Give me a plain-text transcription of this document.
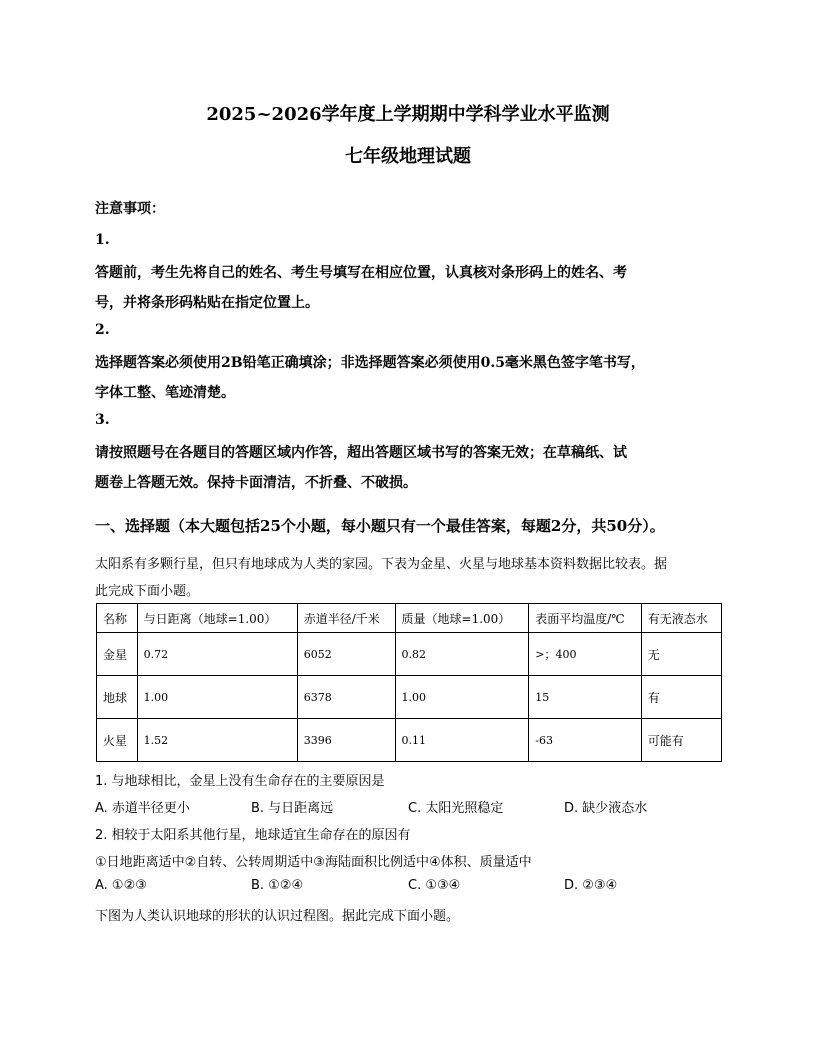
2025~2026学年度上学期期中学科学业水平监测
七年级地理试题
注意事项：
1.
答题前，考生先将自己的姓名、考生号填写在相应位置，认真核对条形码上的姓名、考
号，并将条形码粘贴在指定位置上。
2.
选择题答案必须使用2B铅笔正确填涂；非选择题答案必须使用0.5毫米黑色签字笔书写，
字体工整、笔迹清楚。
3.
请按照题号在各题目的答题区域内作答，超出答题区域书写的答案无效；在草稿纸、试
题卷上答题无效。保持卡面清洁，不折叠、不破损。
一、选择题（本大题包括25个小题，每小题只有一个最佳答案，每题2分，共50分）。
太阳系有多颗行星，但只有地球成为人类的家园。下表为金星、火星与地球基本资料数据比较表。据
此完成下面小题。
名称	与日距离（地球=1.00）	赤道半径/千米	质量（地球=1.00）	表面平均温度/℃	有无液态水
金星	0.72	6052	0.82	>；400	无
地球	1.00	6378	1.00	15	有
火星	1.52	3396	0.11	-63	可能有
1. 与地球相比，金星上没有生命存在的主要原因是
A. 赤道半径更小	B. 与日距离远	C. 太阳光照稳定	D. 缺少液态水
2. 相较于太阳系其他行星，地球适宜生命存在的原因有
①日地距离适中②自转、公转周期适中③海陆面积比例适中④体积、质量适中
A. ①②③	B. ①②④	C. ①③④	D. ②③④
下图为人类认识地球的形状的认识过程图。据此完成下面小题。
